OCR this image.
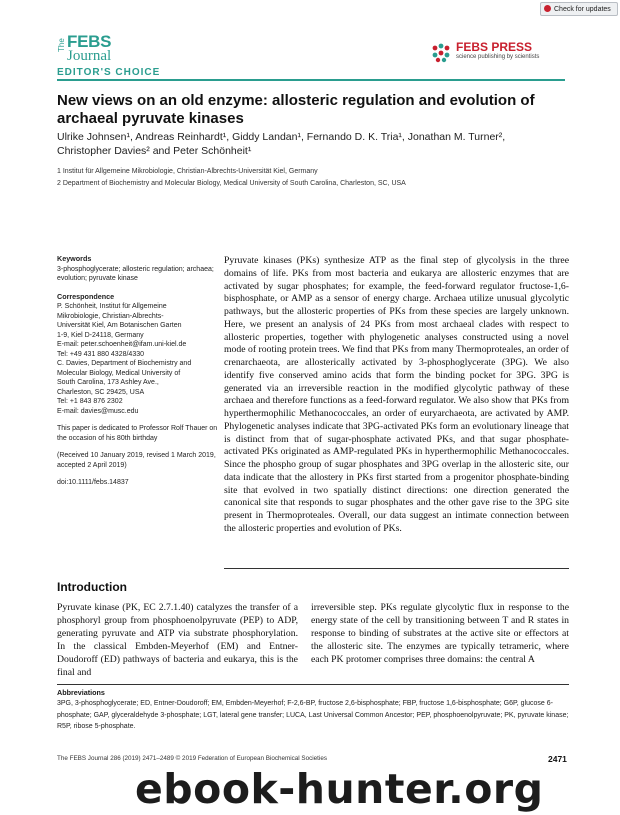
Check for updates
The FEBS
Journal
FEBS PRESS
science publishing by scientists
EDITOR'S CHOICE
New views on an old enzyme: allosteric regulation and evolution of archaeal pyruvate kinases
Ulrike Johnsen¹, Andreas Reinhardt¹, Giddy Landan¹, Fernando D. K. Tria¹, Jonathan M. Turner²,
Christopher Davies² and Peter Schönheit¹
1 Institut für Allgemeine Mikrobiologie, Christian-Albrechts-Universität Kiel, Germany
2 Department of Biochemistry and Molecular Biology, Medical University of South Carolina, Charleston, SC, USA
Keywords
3-phosphoglycerate; allosteric regulation; archaea; evolution; pyruvate kinase
Correspondence
P. Schönheit, Institut für Allgemeine
Mikrobiologie, Christian-Albrechts-
Universität Kiel, Am Botanischen Garten
1-9, Kiel D-24118, Germany
E-mail: peter.schoenheit@ifam.uni-kiel.de
Tel: +49 431 880 4328/4330
C. Davies, Department of Biochemistry and
Molecular Biology, Medical University of
South Carolina, 173 Ashley Ave.,
Charleston, SC 29425, USA
Tel: +1 843 876 2302
E-mail: davies@musc.edu
This paper is dedicated to Professor Rolf Thauer on the occasion of his 80th birthday
(Received 10 January 2019, revised 1 March 2019, accepted 2 April 2019)
doi:10.1111/febs.14837
Pyruvate kinases (PKs) synthesize ATP as the final step of glycolysis in the three domains of life. PKs from most bacteria and eukarya are allosteric enzymes that are activated by sugar phosphates; for example, the feed-forward regulator fructose-1,6-bisphosphate, or AMP as a sensor of energy charge. Archaea utilize unusual glycolytic pathways, but the allosteric properties of PKs from these species are largely unknown. Here, we present an analysis of 24 PKs from most archaeal clades with respect to allosteric properties, together with phylogenetic analyses constructed using a novel mode of rooting protein trees. We find that PKs from many Thermoproteales, an order of crenarchaeota, are allosterically activated by 3-phosphoglycerate (3PG). We also identify five conserved amino acids that form the binding pocket for 3PG. 3PG is generated via an irreversible reaction in the modified glycolytic pathway of these archaea and therefore functions as a feed-forward regulator. We also show that PKs from hyperthermophilic Methanococcales, an order of euryarchaeota, are activated by AMP. Phylogenetic analyses indicate that 3PG-activated PKs form an evolutionary lineage that is distinct from that of sugar-phosphate activated PKs, and that sugar phosphate-activated PKs originated as AMP-regulated PKs in hyperthermophilic Methanococcales. Since the phospho group of sugar phosphates and 3PG overlap in the allosteric site, our data indicate that the allostery in PKs first started from a progenitor phosphate-binding site that evolved in two spatially distinct directions: one direction generated the canonical site that responds to sugar phosphates and the other gave rise to the 3PG site present in Thermoproteales. Overall, our data suggest an intimate connection between the allosteric properties and evolution of PKs.
Introduction
Pyruvate kinase (PK, EC 2.7.1.40) catalyzes the transfer of a phosphoryl group from phosphoenolpyruvate (PEP) to ADP, generating pyruvate and ATP via substrate phosphorylation. In the classical Embden-Meyerhof (EM) and Entner-Doudoroff (ED) pathways of bacteria and eukarya, this is the final and
irreversible step. PKs regulate glycolytic flux in response to the energy state of the cell by transitioning between T and R states in response to binding of substrates at the active site or effectors at the allosteric site. The enzymes are typically tetrameric, where each PK protomer comprises three domains: the central A
Abbreviations
3PG, 3-phosphoglycerate; ED, Entner-Doudoroff; EM, Embden-Meyerhof; F-2,6-BP, fructose 2,6-bisphosphate; FBP, fructose 1,6-bisphosphate; G6P, glucose 6-phosphate; GAP, glyceraldehyde 3-phosphate; LGT, lateral gene transfer; LUCA, Last Universal Common Ancestor; PEP, phosphoenolpyruvate; PK, pyruvate kinase; R5P, ribose 5-phosphate.
The FEBS Journal 286 (2019) 2471–2489 © 2019 Federation of European Biochemical Societies	2471
ebook-hunter.org
